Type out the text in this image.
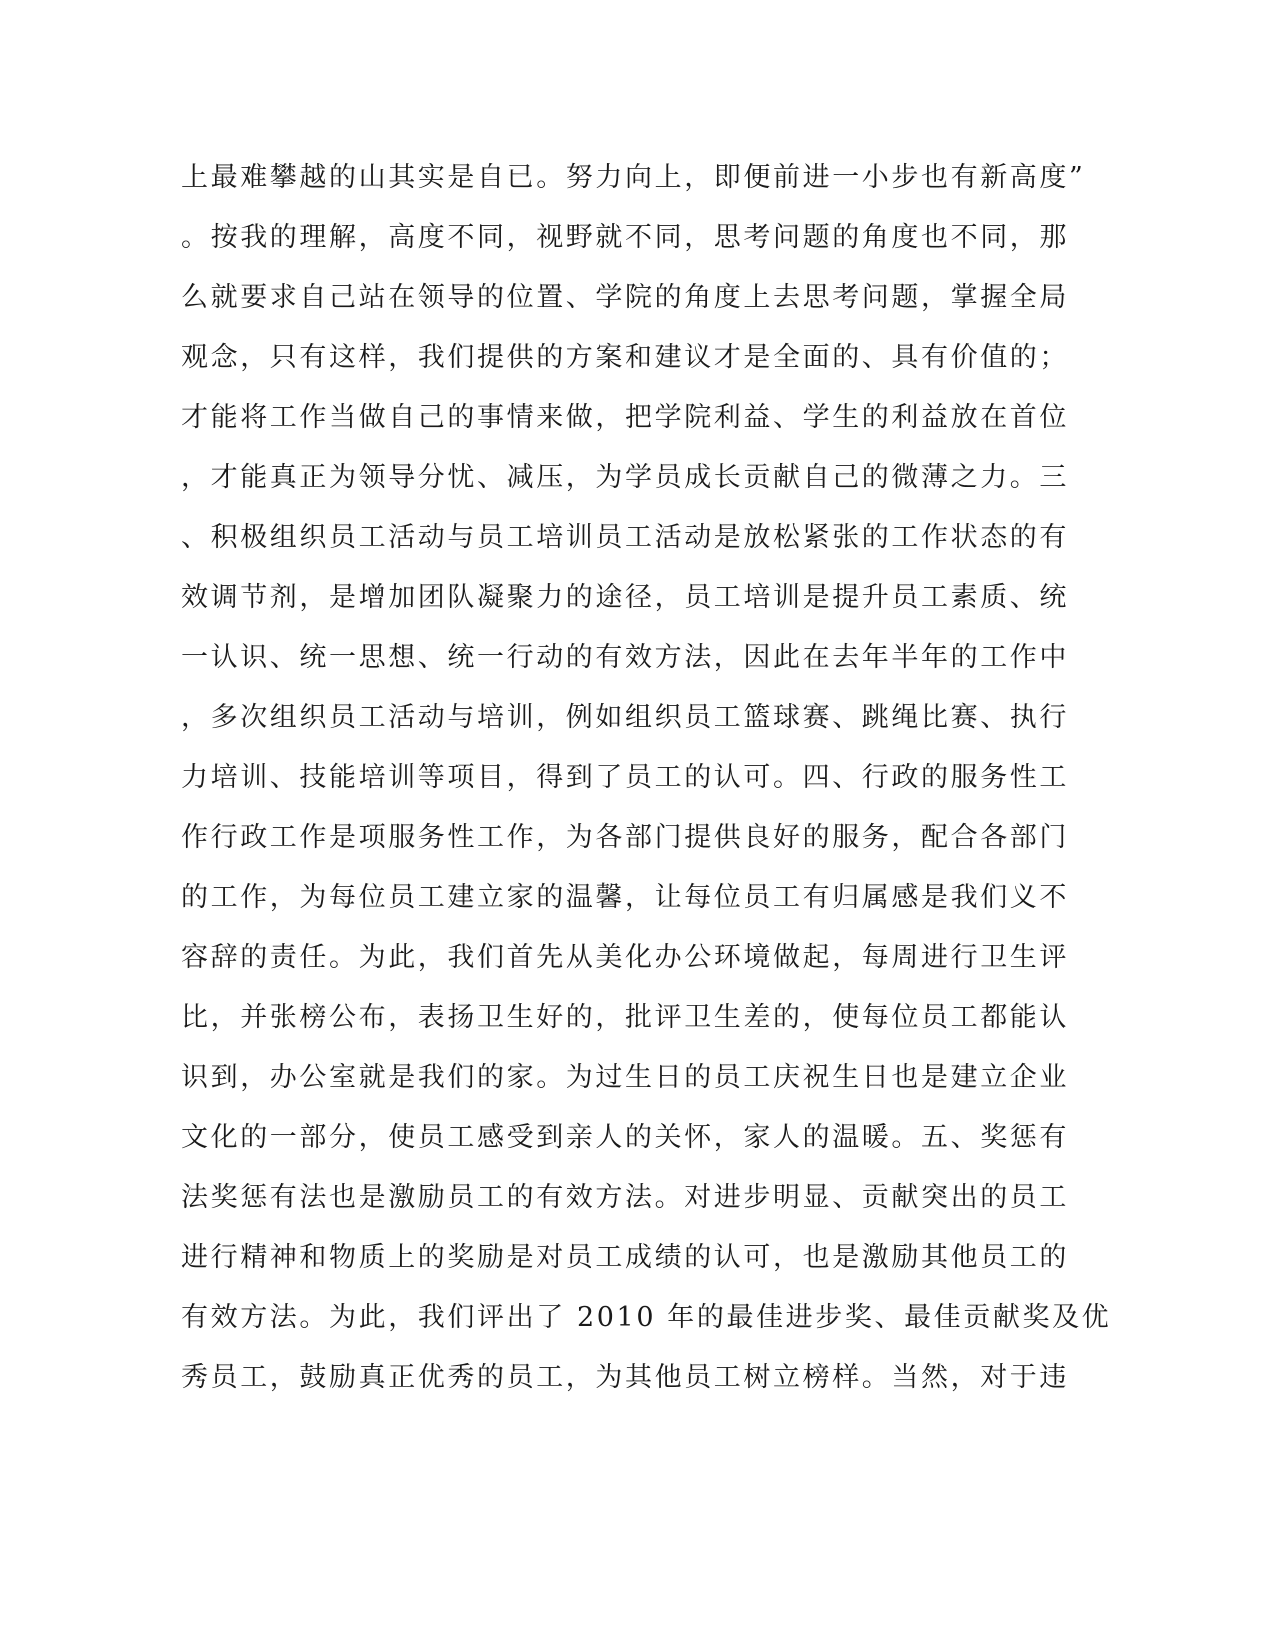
上最难攀越的山其实是自已。努力向上，即便前进一小步也有新高度”
。按我的理解，高度不同，视野就不同，思考问题的角度也不同，那
么就要求自己站在领导的位置、学院的角度上去思考问题，掌握全局
观念，只有这样，我们提供的方案和建议才是全面的、具有价值的；
才能将工作当做自己的事情来做，把学院利益、学生的利益放在首位
，才能真正为领导分忧、减压，为学员成长贡献自己的微薄之力。三
、积极组织员工活动与员工培训员工活动是放松紧张的工作状态的有
效调节剂，是增加团队凝聚力的途径，员工培训是提升员工素质、统
一认识、统一思想、统一行动的有效方法，因此在去年半年的工作中
，多次组织员工活动与培训，例如组织员工篮球赛、跳绳比赛、执行
力培训、技能培训等项目，得到了员工的认可。四、行政的服务性工
作行政工作是项服务性工作，为各部门提供良好的服务，配合各部门
的工作，为每位员工建立家的温馨，让每位员工有归属感是我们义不
容辞的责任。为此，我们首先从美化办公环境做起，每周进行卫生评
比，并张榜公布，表扬卫生好的，批评卫生差的，使每位员工都能认
识到，办公室就是我们的家。为过生日的员工庆祝生日也是建立企业
文化的一部分，使员工感受到亲人的关怀，家人的温暖。五、奖惩有
法奖惩有法也是激励员工的有效方法。对进步明显、贡献突出的员工
进行精神和物质上的奖励是对员工成绩的认可，也是激励其他员工的
有效方法。为此，我们评出了 2010 年的最佳进步奖、最佳贡献奖及优
秀员工，鼓励真正优秀的员工，为其他员工树立榜样。当然，对于违
